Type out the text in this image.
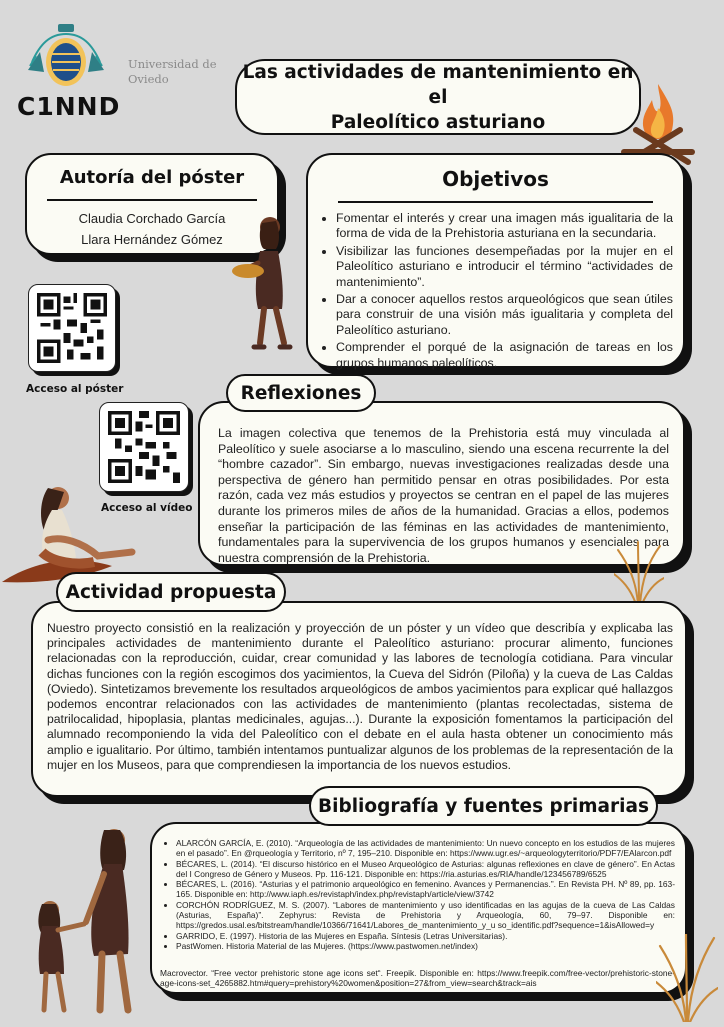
C1NND
Universidad de
Oviedo	Las actividades de mantenimiento en el
Paleolítico asturiano
Autoría del póster
Claudia Corchado García
Llara Hernández Gómez
Objetivos
• Fomentar el interés y crear una imagen más igualitaria de la forma de vida de la Prehistoria asturiana en la secundaria.
• Visibilizar las funciones desempeñadas por la mujer en el Paleolítico asturiano e introducir el término “actividades de mantenimiento”.
• Dar a conocer aquellos restos arqueológicos que sean útiles para construir de una visión más igualitaria y completa del Paleolítico asturiano.
• Comprender el porqué de la asignación de tareas en los grupos humanos paleolíticos.
Acceso al póster
Acceso al vídeo
La imagen colectiva que tenemos de la Prehistoria está muy vinculada al Paleolítico y suele asociarse a lo masculino, siendo una escena recurrente la del “hombre cazador”. Sin embargo, nuevas investigaciones realizadas desde una perspectiva de género han permitido pensar en otras posibilidades. Por esta razón, cada vez más estudios y proyectos se centran en el papel de las mujeres durante los primeros miles de años de la humanidad. Gracias a ellos, podemos enseñar la participación de las féminas en las actividades de mantenimiento, fundamentales para la supervivencia de los grupos humanos y esenciales para nuestra comprensión de la Prehistoria.
Reflexiones
Nuestro proyecto consistió en la realización y proyección de un póster y un vídeo que describía y explicaba las principales actividades de mantenimiento durante el Paleolítico asturiano: procurar alimento, funciones relacionadas con la reproducción, cuidar, crear comunidad y las labores de tecnología cotidiana. Para vincular dichas funciones con la región escogimos dos yacimientos, la Cueva del Sidrón (Piloña) y la cueva de Las Caldas (Oviedo). Sintetizamos brevemente los resultados arqueológicos de ambos yacimientos para explicar qué hallazgos podemos encontrar relacionados con las actividades de mantenimiento (plantas recolectadas, sistema de patrilocalidad, hipoplasia, plantas medicinales, agujas...). Durante la exposición fomentamos la participación del alumnado recomponiendo la vida del Paleolítico con el debate en el aula hasta obtener un conocimiento más amplio e igualitario. Por último, también intentamos puntualizar algunos de los problemas de la representación de la mujer en los Museos, para que comprendiesen la importancia de los nuevos estudios.
Actividad propuesta
• ALARCÓN GARCÍA, E. (2010). “Arqueología de las actividades de mantenimiento: Un nuevo concepto en los estudios de las mujeres en el pasado”. En @rqueología y Territorio, nº 7, 195–210. Disponible en: https://www.ugr.es/~arqueologyterritorio/PDF7/EAlarcon.pdf
• BÉCARES, L. (2014). “El discurso histórico en el Museo Arqueológico de Asturias: algunas reflexiones en clave de género”. En Actas del I Congreso de Género y Museos. Pp. 116-121. Disponible en: https://ria.asturias.es/RIA/handle/123456789/6525
• BÉCARES, L. (2016). “Asturias y el patrimonio arqueológico en femenino. Avances y Permanencias.”. En Revista PH. Nº 89, pp. 163-165. Disponible en: http://www.iaph.es/revistaph/index.php/revistaph/article/view/3742
• CORCHÓN RODRÍGUEZ, M. S. (2007). “Labores de mantenimiento y uso identificadas en las agujas de la cueva de Las Caldas (Asturias, España)”. Zephyrus: Revista de Prehistoria y Arqueología, 60, 79–97. Disponible en: https://gredos.usal.es/bitstream/handle/10366/71641/Labores_de_mantenimiento_y_u so_identific.pdf?sequence=1&isAllowed=y
• GARRIDO, E. (1997). Historia de las Mujeres en España. Síntesis (Letras Universitarias).
• PastWomen. Historia Material de las Mujeres. (https://www.pastwomen.net/index)
Macrovector. “Free vector prehistoric stone age icons set“. Freepik. Disponible en: https://www.freepik.com/free-vector/prehistoric-stone-age-icons-set_4265882.htm#query=prehistory%20women&position=27&from_view=search&track=ais
Bibliografía y fuentes primarias
